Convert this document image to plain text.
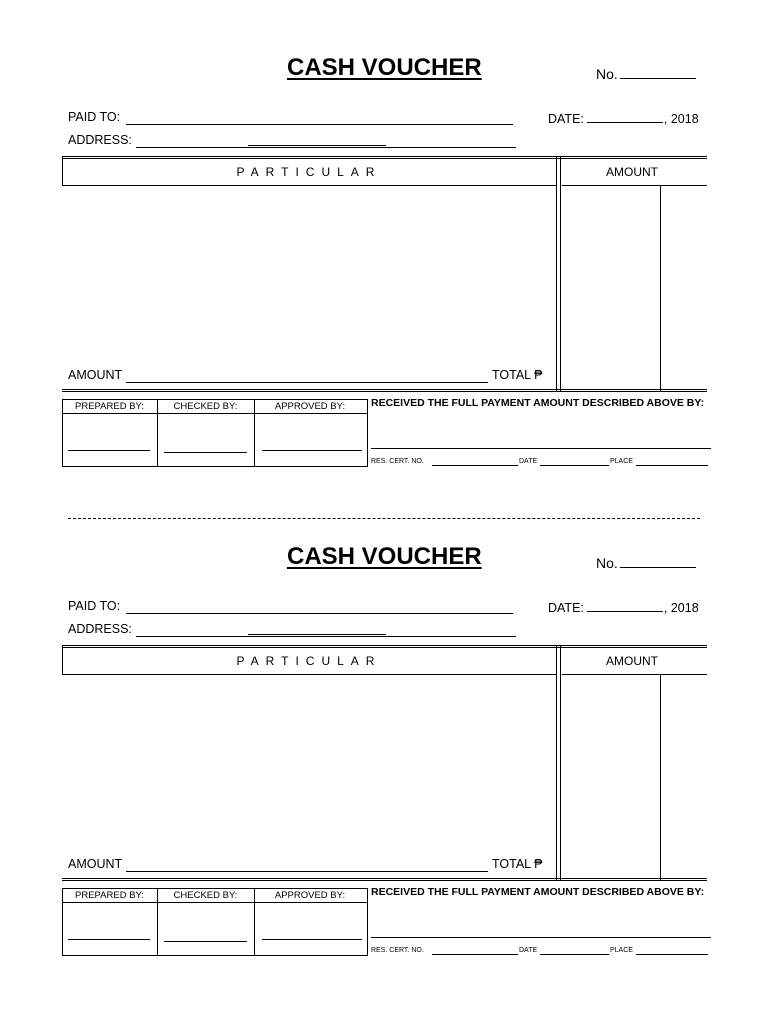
CASH VOUCHER	No.
PAID TO:	DATE:	, 2018
ADDRESS:
PARTICULAR	AMOUNT
AMOUNT	TOTAL ₱
PREPARED BY:	CHECKED BY:	APPROVED BY:	RECEIVED THE FULL PAYMENT AMOUNT DESCRIBED ABOVE BY:
RES. CERT. NO.	DATE	PLACE
CASH VOUCHER	No.
PAID TO:	DATE:	, 2018
ADDRESS:
PARTICULAR	AMOUNT
AMOUNT	TOTAL ₱
PREPARED BY:	CHECKED BY:	APPROVED BY:	RECEIVED THE FULL PAYMENT AMOUNT DESCRIBED ABOVE BY:
RES. CERT. NO.	DATE	PLACE
